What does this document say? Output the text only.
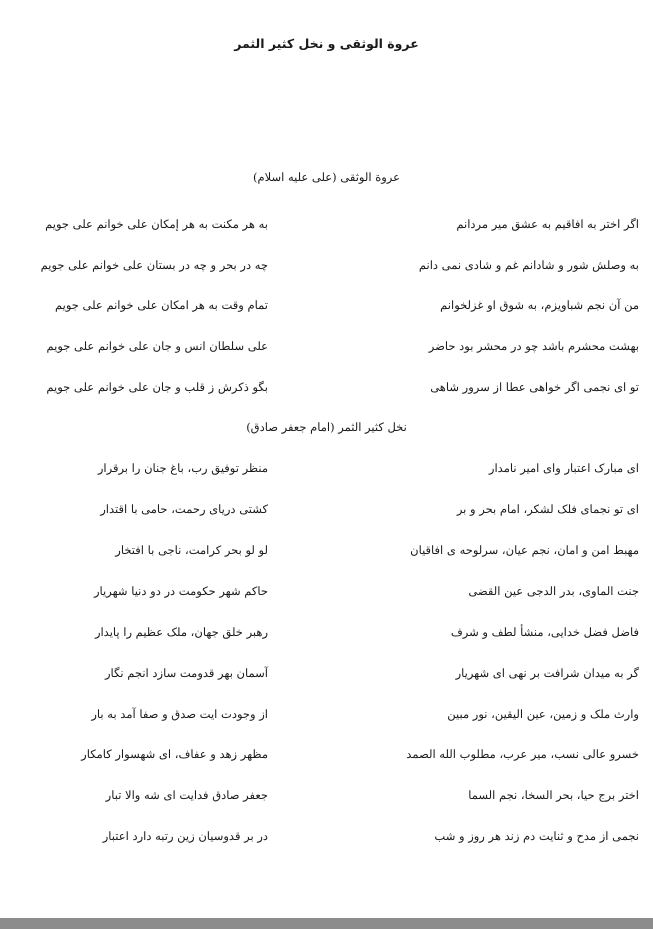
عروة الوثقی و نخل کثیر الثمر
عروة الوثقی (علی علیه اسلام)
اگر اختر به افاقیم به عشق میر مردانم
به هر مکنت به هر إمکان علی خوانم علی جویم
به وصلش شور و شادانم غم و شادی نمی دانم
چه در بحر و چه در بستان علی خوانم علی جویم
من آن نجم شباویزم، به شوق او غزلخوانم
تمام وقت به هر امکان علی خوانم علی جویم
بهشت محشرم باشد چو در محشر بود حاضر
علی سلطان انس و جان علی خوانم علی جویم
تو ای نجمی اگر خواهی عطا از سرور شاهی
بگو ذکرش ز قلب و جان علی خوانم علی جویم
نخل کثیر الثمر (امام جعفر صادق)
ای مبارک اعتبار وای امیر نامدار
منظر توفیق رب، باغ جنان را برقرار
ای تو نجمای فلک لشکر، امام بحر و بر
کشتی دریای رحمت، حامی با اقتدار
مهبط امن و امان، نجم عیان، سرلوحه ی افاقیان
لو لو بحر کرامت، ناجی با افتخار
جنت الماوی، بدر الدجی عین القضی
حاکم شهر حکومت در دو دنیا شهریار
فاضل فضل خدایی، منشأ لطف و شرف
رهبر خلق جهان، ملک عظیم را پایدار
گر به میدان شرافت بر نهی ای شهریار
آسمان بهر قدومت سازد انجم نگار
وارث ملک و زمین، عین الیقین، نور مبین
از وجودت ایت صدق و صفا آمد به بار
خسرو عالی نسب، میر عرب، مطلوب الله الصمد
مظهر زهد و عفاف، ای شهسوار کامکار
اختر برج حیا، بحر السخا، نجم السما
جعفر صادق فدایت ای شه والا تبار
نجمی از مدح و ثنایت دم زند هر روز و شب
در بر قدوسیان زین رتبه دارد اعتبار
